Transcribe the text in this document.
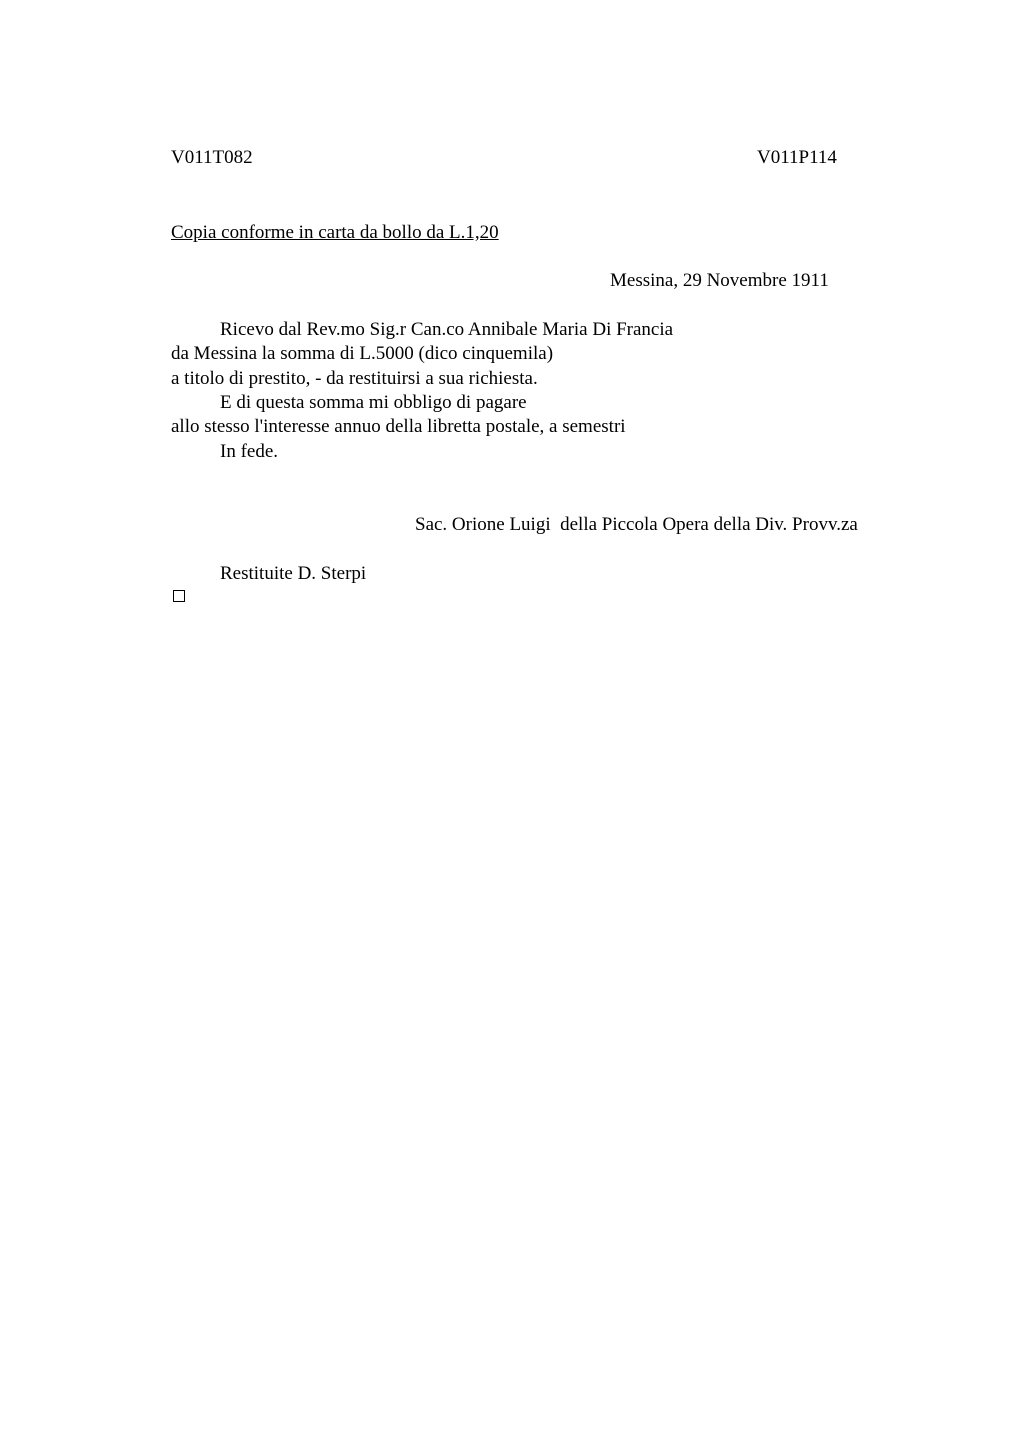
V011T082	V011P114
Copia conforme in carta da bollo da L.1,20
Messina, 29 Novembre 1911
Ricevo dal Rev.mo Sig.r Can.co Annibale Maria Di Francia
da Messina la somma di L.5000 (dico cinquemila)
a titolo di prestito, - da restituirsi a sua richiesta.
E di questa somma mi obbligo di pagare
allo stesso l'interesse annuo della libretta postale, a semestri
In fede.
Sac. Orione Luigi  della Piccola Opera della Div. Provv.za
Restituite D. Sterpi
